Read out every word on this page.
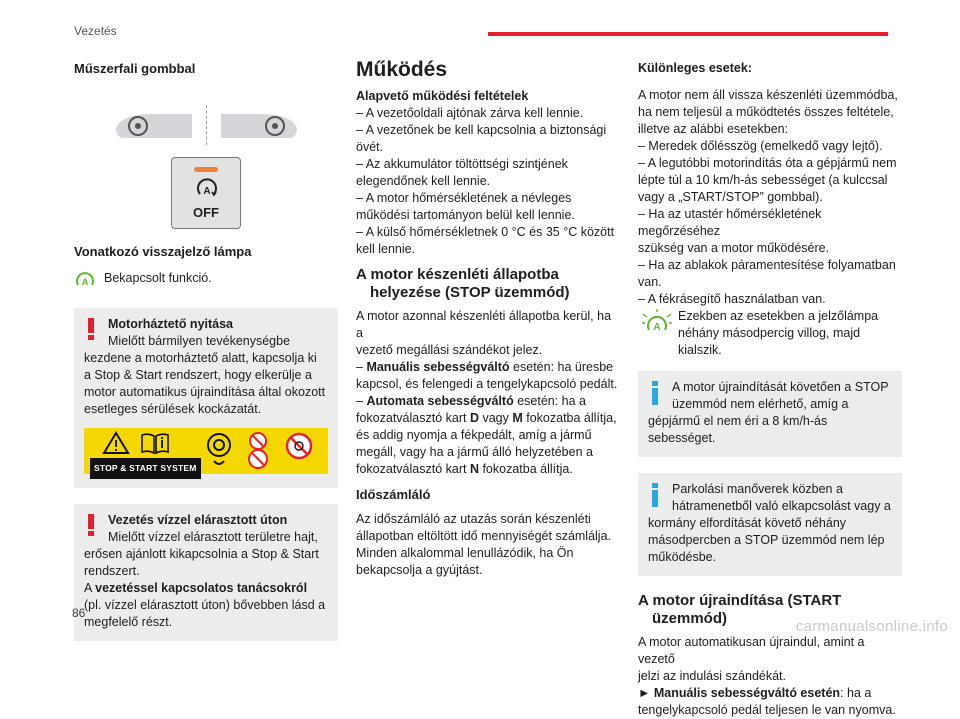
Vezetés
Műszerfali gombbal
A
OFF
Vonatkozó visszajelző lámpa
A Bekapcsolt funkció.
Motorháztető nyitása
Mielőtt bármilyen tevékenységbe
kezdene a motorháztető alatt, kapcsolja ki
a Stop & Start rendszert, hogy elkerülje a
motor automatikus újraindítása által okozott
esetleges sérülések kockázatát.
STOP & START SYSTEM
Vezetés vízzel elárasztott úton
Mielőtt vízzel elárasztott területre hajt,
erősen ajánlott kikapcsolnia a Stop & Start
rendszert.
A vezetéssel kapcsolatos tanácsokról
(pl. vízzel elárasztott úton) bővebben lásd a
megfelelő részt.
Működés
Alapvető működési feltételek
– A vezetőoldali ajtónak zárva kell lennie.
– A vezetőnek be kell kapcsolnia a biztonsági
övét.
– Az akkumulátor töltöttségi szintjének
elegendőnek kell lennie.
– A motor hőmérsékletének a névleges
működési tartományon belül kell lennie.
– A külső hőmérsékletnek 0 °C és 35 °C között
kell lennie.
A motor készenléti állapotba
helyezése (STOP üzemmód)
A motor azonnal készenléti állapotba kerül, ha a
vezető megállási szándékot jelez.
– Manuális sebességváltó esetén: ha üresbe
kapcsol, és felengedi a tengelykapcsoló pedált.
– Automata sebességváltó esetén: ha a
fokozatválasztó kart D vagy M fokozatba állítja,
és addig nyomja a fékpedált, amíg a jármű
megáll, vagy ha a jármű álló helyzetében a
fokozatválasztó kart N fokozatba állítja.
Időszámláló
Az időszámláló az utazás során készenléti
állapotban eltöltött idő mennyiségét számlálja.
Minden alkalommal lenullázódik, ha Ön
bekapcsolja a gyújtást.
Különleges esetek:
A motor nem áll vissza készenléti üzemmódba,
ha nem teljesül a működtetés összes feltétele,
illetve az alábbi esetekben:
– Meredek dőlésszög (emelkedő vagy lejtő).
– A legutóbbi motorindítás óta a gépjármű nem
lépte túl a 10 km/h-ás sebességet (a kulccsal
vagy a „START/STOP” gombbal).
– Ha az utastér hőmérsékletének megőrzéséhez
szükség van a motor működésére.
– Ha az ablakok páramentesítése folyamatban
van.
– A fékrásegítő használatban van.
A
Ezekben az esetekben a jelzőlámpa
néhány másodpercig villog, majd kialszik.
A motor újraindítását követően a STOP
üzemmód nem elérhető, amíg a
gépjármű el nem éri a 8 km/h-ás sebességet.
Parkolási manőverek közben a
hátramenetből való elkapcsolást vagy a
kormány elfordítását követő néhány
másodpercben a STOP üzemmód nem lép
működésbe.
A motor újraindítása (START
üzemmód)
A motor automatikusan újraindul, amint a vezető
jelzi az indulási szándékát.
► Manuális sebességváltó esetén: ha a
tengelykapcsoló pedál teljesen le van nyomva.
86
carmanualsonline.info
